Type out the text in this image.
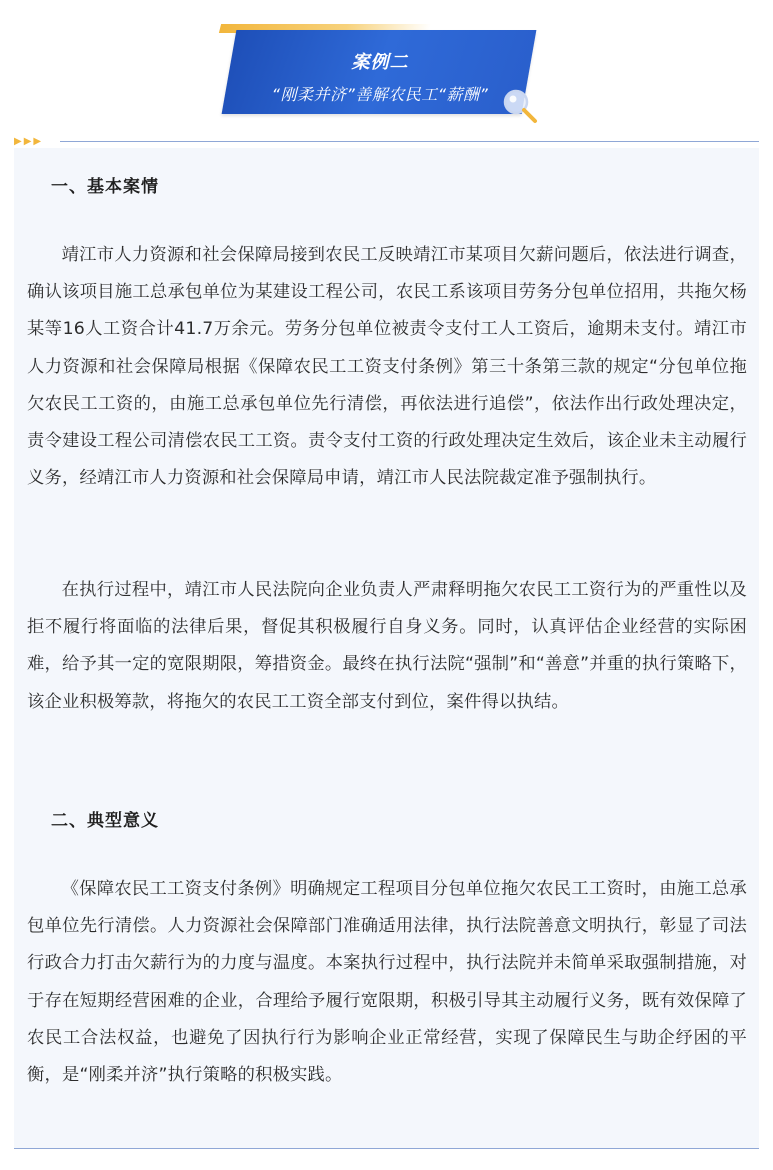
案例二
“刚柔并济”善解农民工“薪酬”
▶▶▶
一、基本案情

靖江市人力资源和社会保障局接到农民工反映靖江市某项目欠薪问题后，依法进行调查，确认该项目施工总承包单位为某建设工程公司，农民工系该项目劳务分包单位招用，共拖欠杨某等16人工资合计41.7万余元。劳务分包单位被责令支付工人工资后，逾期未支付。靖江市人力资源和社会保障局根据《保障农民工工资支付条例》第三十条第三款的规定“分包单位拖欠农民工工资的，由施工总承包单位先行清偿，再依法进行追偿”，依法作出行政处理决定，责令建设工程公司清偿农民工工资。责令支付工资的行政处理决定生效后，该企业未主动履行义务，经靖江市人力资源和社会保障局申请，靖江市人民法院裁定准予强制执行。

在执行过程中，靖江市人民法院向企业负责人严肃释明拖欠农民工工资行为的严重性以及拒不履行将面临的法律后果，督促其积极履行自身义务。同时，认真评估企业经营的实际困难，给予其一定的宽限期限，筹措资金。最终在执行法院“强制”和“善意”并重的执行策略下，该企业积极筹款，将拖欠的农民工工资全部支付到位，案件得以执结。

二、典型意义

《保障农民工工资支付条例》明确规定工程项目分包单位拖欠农民工工资时，由施工总承包单位先行清偿。人力资源社会保障部门准确适用法律，执行法院善意文明执行，彰显了司法行政合力打击欠薪行为的力度与温度。本案执行过程中，执行法院并未简单采取强制措施，对于存在短期经营困难的企业，合理给予履行宽限期，积极引导其主动履行义务，既有效保障了农民工合法权益，也避免了因执行行为影响企业正常经营，实现了保障民生与助企纾困的平衡，是“刚柔并济”执行策略的积极实践。
